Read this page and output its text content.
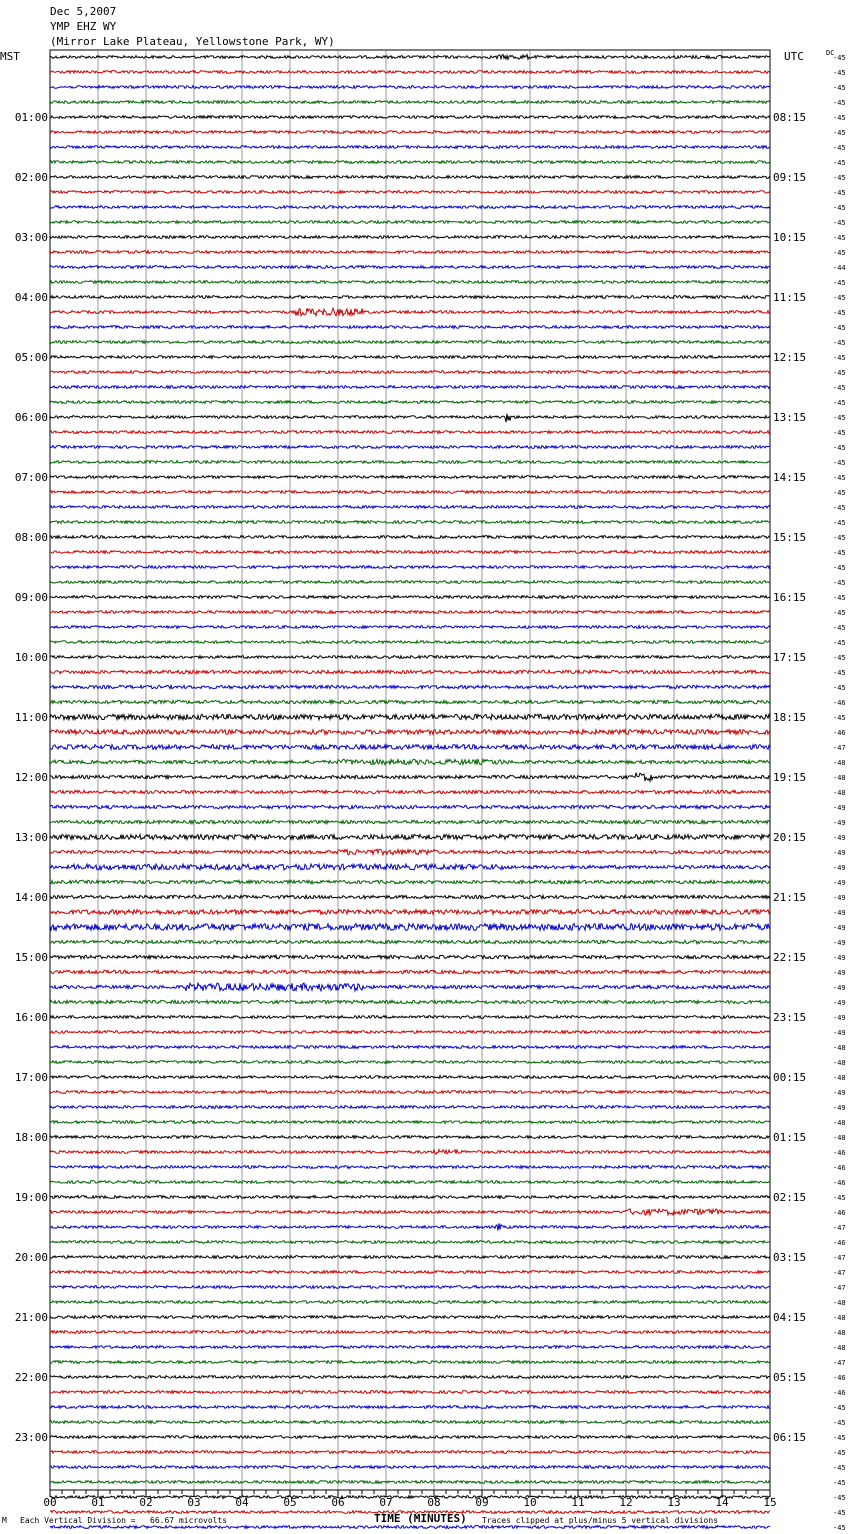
Dec 5,2007
YMP EHZ WY
(Mirror Lake Plateau, Yellowstone Park, WY)
MST	UTC	DC
00	01	02	03	04	05	06	07	08	09	10	11	12	13	14	15
-45
-45
-45
-45
-45
-45
-45
-45
-45
-45
-45
-45
-45
-45
-44
-45
-45
-45
-45
-45
-45
-45
-45
-45
-45
-45
-45
-45
-45
-45
-45
-45
-45
-45
-45
-45
-45
-45
-45
-45
-45
-45
-45
-46
-45
-46
-47
-48
-48
-48
-49
-49
-49
-49
-49
-49
-49
-49
-49
-49
-49
-49
-49
-49
-49
-49
-48
-48
-48
-49
-49
-48
-48
-46
-46
-46
-45
-46
-47
-46
-47
-47
-47
-48
-48
-48
-48
-47
-46
-46
-45
-45
-45
-45
-45
-45
-45
-45
-45
01:00
02:00
03:00
04:00
05:00
06:00
07:00
08:00
09:00
10:00
11:00
12:00
13:00
14:00
15:00
16:00
17:00
18:00
19:00
20:00
21:00
22:00
23:00
08:15
09:15
10:15
11:15
12:15
13:15
14:15
15:15
16:15
17:15
18:15
19:15
20:15
21:15
22:15
23:15
00:15
01:15
02:15
03:15
04:15
05:15
06:15
M Each Vertical Division =   66.67 microvolts	TIME (MINUTES) Traces clipped at plus/minus 5 vertical divisions
